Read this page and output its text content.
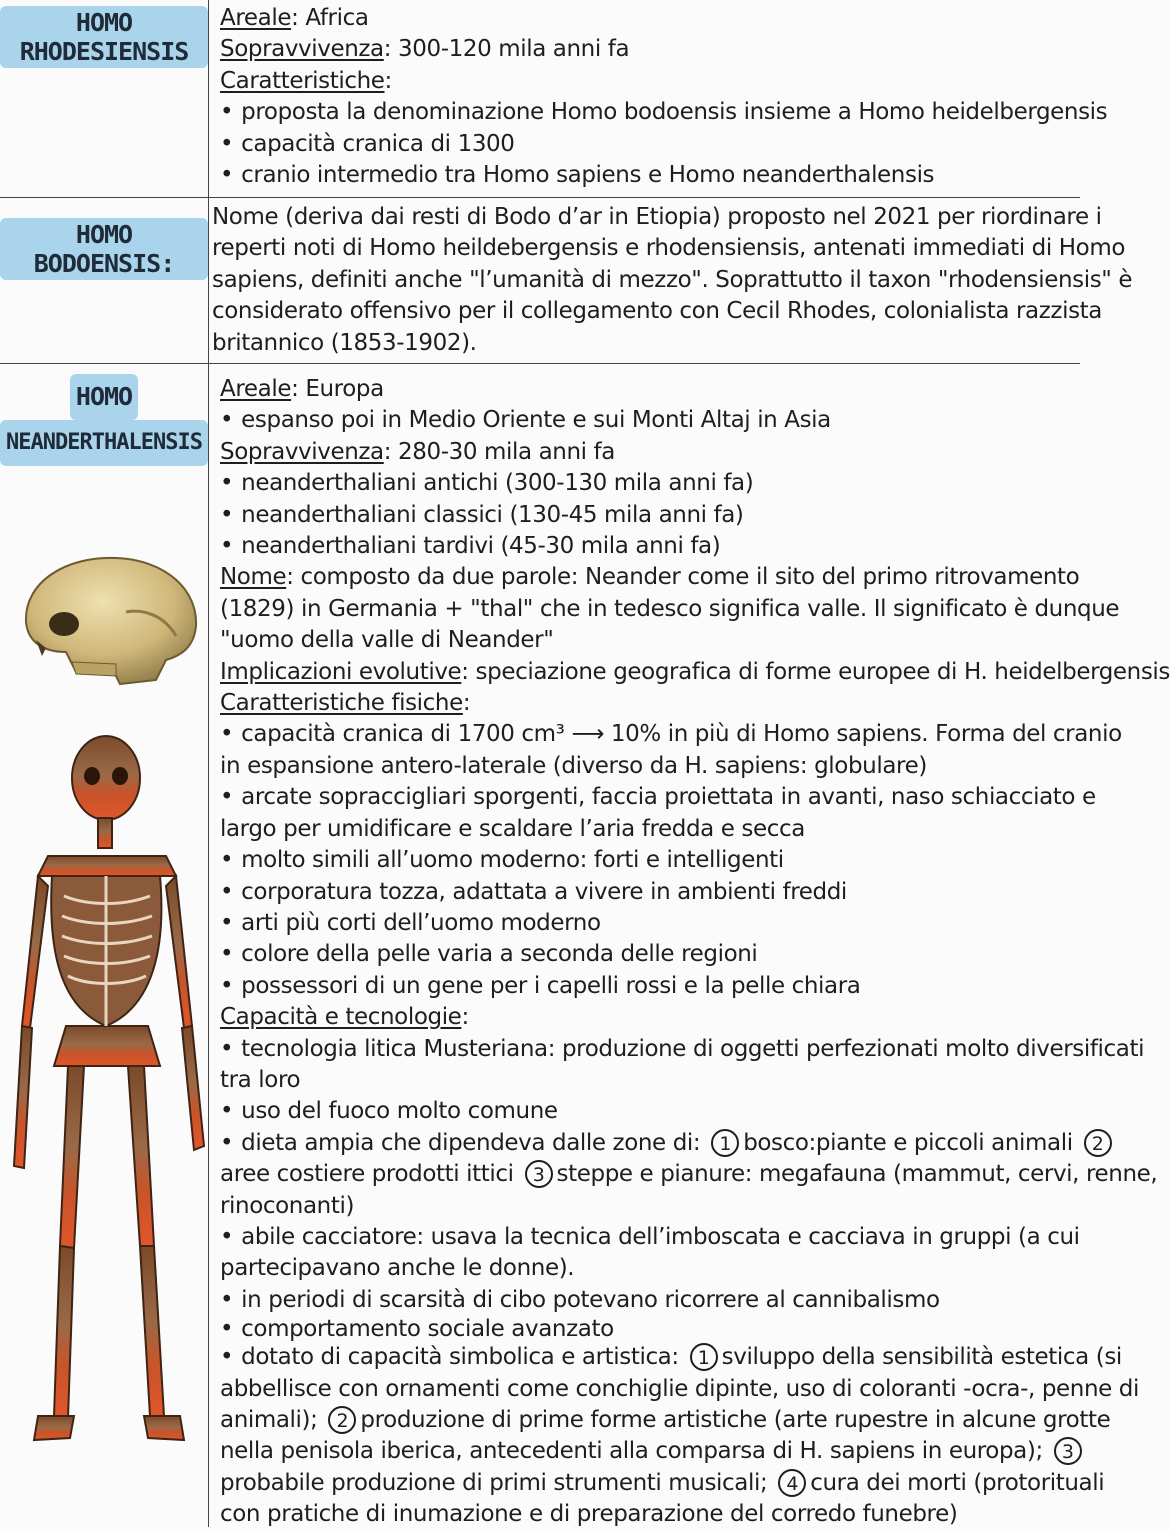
HOMO RHODESIENSIS
Areale: Africa
Sopravvivenza: 300-120 mila anni fa
Caratteristiche:
• proposta la denominazione Homo bodoensis insieme a Homo heidelbergensis
• capacità cranica di 1300
• cranio intermedio tra Homo sapiens e Homo neanderthalensis
HOMO BODOENSIS:
Nome (deriva dai resti di Bodo d’ar in Etiopia) proposto nel 2021 per riordinare i
reperti noti di Homo heildebergensis e rhodensiensis, antenati immediati di Homo
sapiens, definiti anche "l’umanità di mezzo". Soprattutto il taxon "rhodensiensis" è
considerato offensivo per il collegamento con Cecil Rhodes, colonialista razzista
britannico (1853-1902).
HOMO
NEANDERTHALENSIS
Areale: Europa
• espanso poi in Medio Oriente e sui Monti Altaj in Asia
Sopravvivenza: 280-30 mila anni fa
• neanderthaliani antichi (300-130 mila anni fa)
• neanderthaliani classici (130-45 mila anni fa)
• neanderthaliani tardivi (45-30 mila anni fa)
Nome: composto da due parole: Neander come il sito del primo ritrovamento
(1829) in Germania + "thal" che in tedesco significa valle. Il significato è dunque
"uomo della valle di Neander"
Implicazioni evolutive: speciazione geografica di forme europee di H. heidelbergensis
Caratteristiche fisiche:
• capacità cranica di 1700 cm³ ⟶ 10% in più di Homo sapiens. Forma del cranio
in espansione antero-laterale (diverso da H. sapiens: globulare)
• arcate sopraccigliari sporgenti, faccia proiettata in avanti, naso schiacciato e
largo per umidificare e scaldare l’aria fredda e secca
• molto simili all’uomo moderno: forti e intelligenti
• corporatura tozza, adattata a vivere in ambienti freddi
• arti più corti dell’uomo moderno
• colore della pelle varia a seconda delle regioni
• possessori di un gene per i capelli rossi e la pelle chiara
Capacità e tecnologie:
• tecnologia litica Musteriana: produzione di oggetti perfezionati molto diversificati
tra loro
• uso del fuoco molto comune
• dieta ampia che dipendeva dalle zone di: 1 bosco:piante e piccoli animali 2
aree costiere prodotti ittici 3 steppe e pianure: megafauna (mammut, cervi, renne,
rinoconanti)
• abile cacciatore: usava la tecnica dell’imboscata e cacciava in gruppi (a cui
partecipavano anche le donne).
• in periodi di scarsità di cibo potevano ricorrere al cannibalismo
• comportamento sociale avanzato
• dotato di capacità simbolica e artistica: 1 sviluppo della sensibilità estetica (si
abbellisce con ornamenti come conchiglie dipinte, uso di coloranti -ocra-, penne di
animali); 2 produzione di prime forme artistiche (arte rupestre in alcune grotte
nella penisola iberica, antecedenti alla comparsa di H. sapiens in europa); 3
probabile produzione di primi strumenti musicali; 4 cura dei morti (protorituali
con pratiche di inumazione e di preparazione del corredo funebre)
